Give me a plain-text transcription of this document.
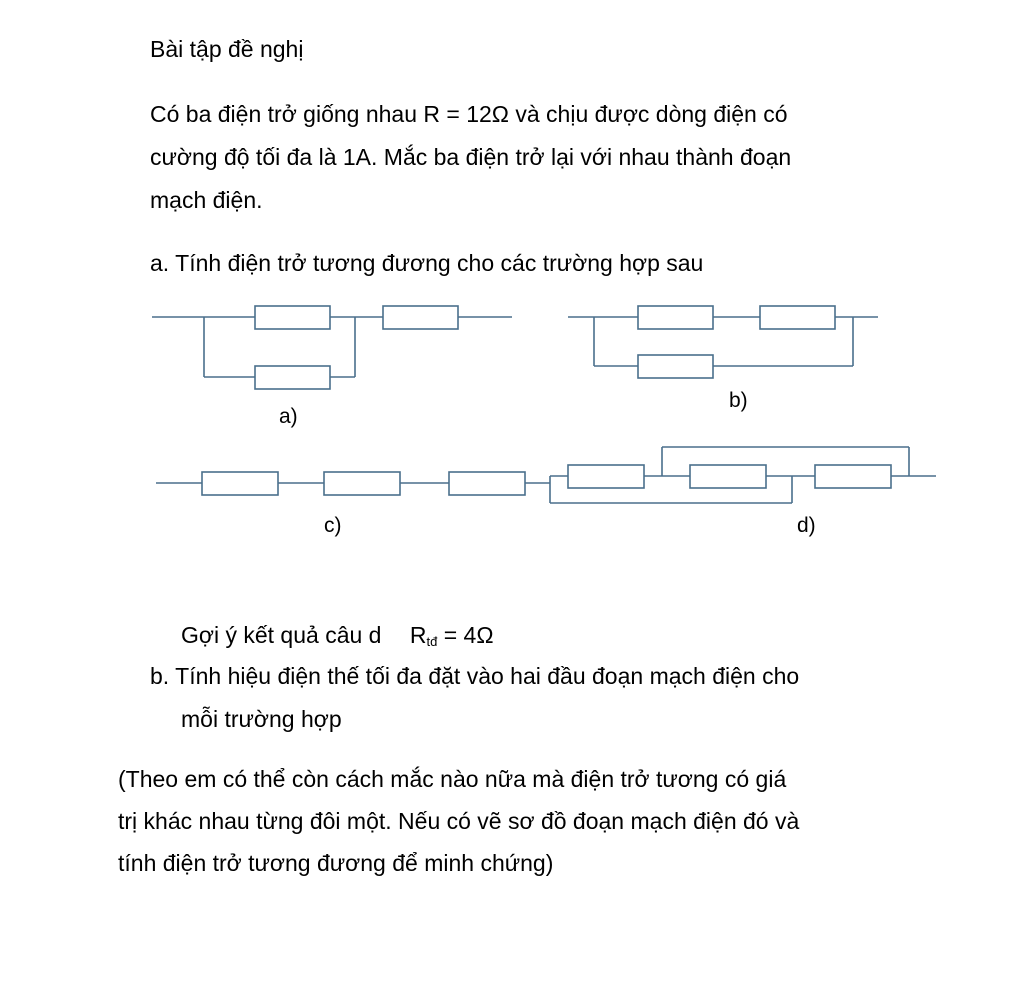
Bài tập đề nghị
Có ba điện trở giống nhau R = 12Ω và chịu được dòng điện có
cường độ tối đa là 1A. Mắc ba điện trở lại với nhau thành đoạn
mạch điện.
a. Tính điện trở tương đương cho các trường hợp sau
a)
b)
c)	d)
Gợi ý kết quả câu d $R_{tđ} = 4\Omega$
b. Tính hiệu điện thế tối đa đặt vào hai đầu đoạn mạch điện cho
mỗi trường hợp
(Theo em có thể còn cách mắc nào nữa mà điện trở tương có giá
trị khác nhau từng đôi một. Nếu có vẽ sơ đồ đoạn mạch điện đó và
tính điện trở tương đương để minh chứng)
